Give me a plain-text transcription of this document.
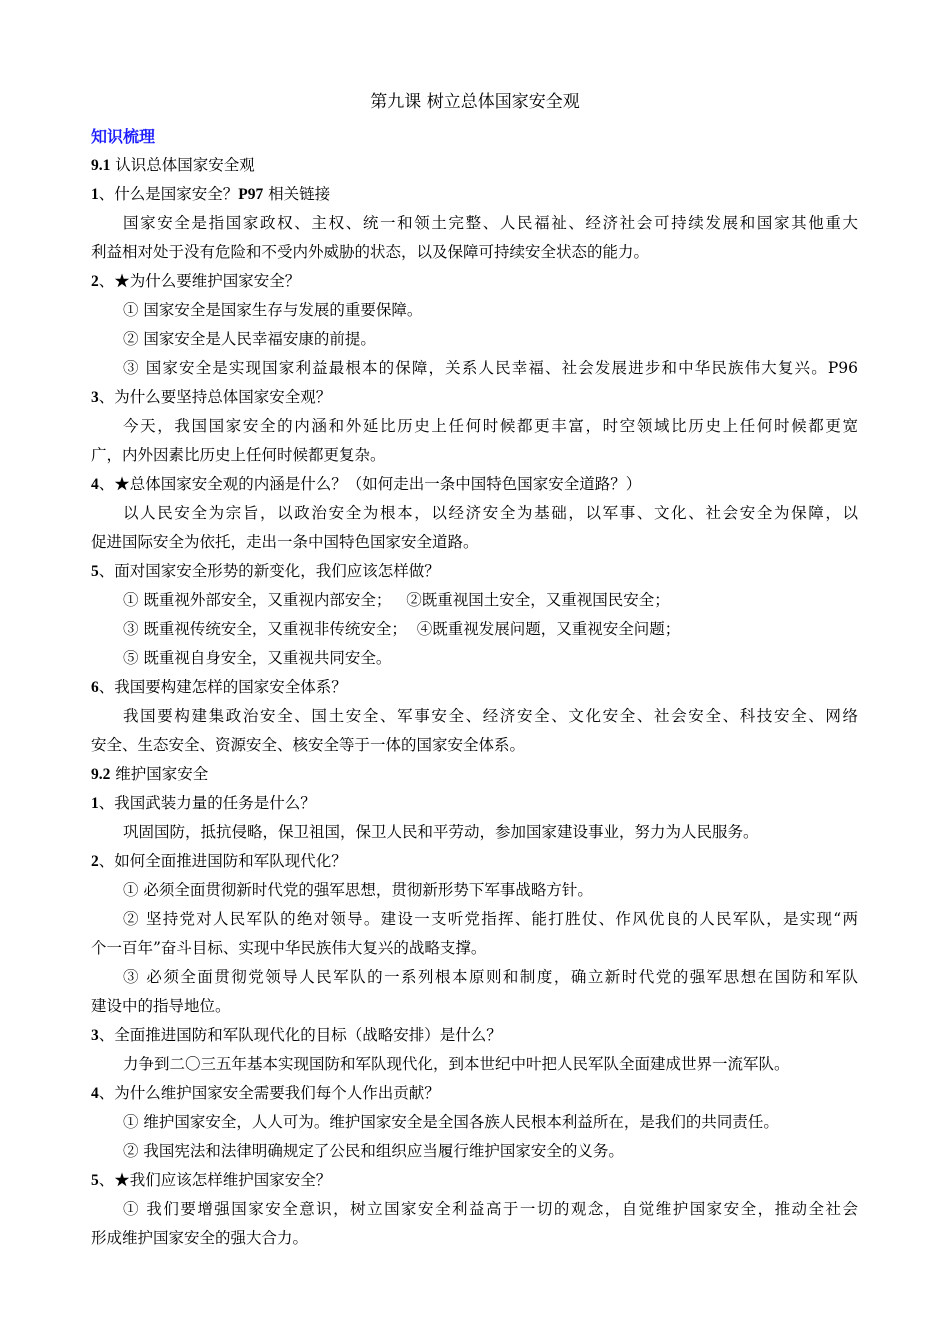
第九课 树立总体国家安全观
知识梳理
9.1 认识总体国家安全观
1、什么是国家安全？P97 相关链接
国家安全是指国家政权、主权、统一和领土完整、人民福祉、经济社会可持续发展和国家其他重大
利益相对处于没有危险和不受内外威胁的状态，以及保障可持续安全状态的能力。
2、★为什么要维护国家安全？
① 国家安全是国家生存与发展的重要保障。
② 国家安全是人民幸福安康的前提。
③ 国家安全是实现国家利益最根本的保障，关系人民幸福、社会发展进步和中华民族伟大复兴。P96
3、为什么要坚持总体国家安全观？
今天，我国国家安全的内涵和外延比历史上任何时候都更丰富，时空领域比历史上任何时候都更宽
广，内外因素比历史上任何时候都更复杂。
4、★总体国家安全观的内涵是什么？（如何走出一条中国特色国家安全道路？）
以人民安全为宗旨，以政治安全为根本，以经济安全为基础，以军事、文化、社会安全为保障，以
促进国际安全为依托，走出一条中国特色国家安全道路。
5、面对国家安全形势的新变化，我们应该怎样做？
① 既重视外部安全，又重视内部安全；   ②既重视国土安全，又重视国民安全；
③ 既重视传统安全，又重视非传统安全；  ④既重视发展问题，又重视安全问题；
⑤ 既重视自身安全，又重视共同安全。
6、我国要构建怎样的国家安全体系？
我国要构建集政治安全、国土安全、军事安全、经济安全、文化安全、社会安全、科技安全、网络
安全、生态安全、资源安全、核安全等于一体的国家安全体系。
9.2 维护国家安全
1、我国武装力量的任务是什么？
巩固国防，抵抗侵略，保卫祖国，保卫人民和平劳动，参加国家建设事业，努力为人民服务。
2、如何全面推进国防和军队现代化？
① 必须全面贯彻新时代党的强军思想，贯彻新形势下军事战略方针。
② 坚持党对人民军队的绝对领导。建设一支听党指挥、能打胜仗、作风优良的人民军队，是实现“两
个一百年”奋斗目标、实现中华民族伟大复兴的战略支撑。
③ 必须全面贯彻党领导人民军队的一系列根本原则和制度，确立新时代党的强军思想在国防和军队
建设中的指导地位。
3、全面推进国防和军队现代化的目标（战略安排）是什么？
力争到二〇三五年基本实现国防和军队现代化，到本世纪中叶把人民军队全面建成世界一流军队。
4、为什么维护国家安全需要我们每个人作出贡献？
① 维护国家安全，人人可为。维护国家安全是全国各族人民根本利益所在，是我们的共同责任。
② 我国宪法和法律明确规定了公民和组织应当履行维护国家安全的义务。
5、★我们应该怎样维护国家安全？
① 我们要增强国家安全意识，树立国家安全利益高于一切的观念，自觉维护国家安全，推动全社会
形成维护国家安全的强大合力。
